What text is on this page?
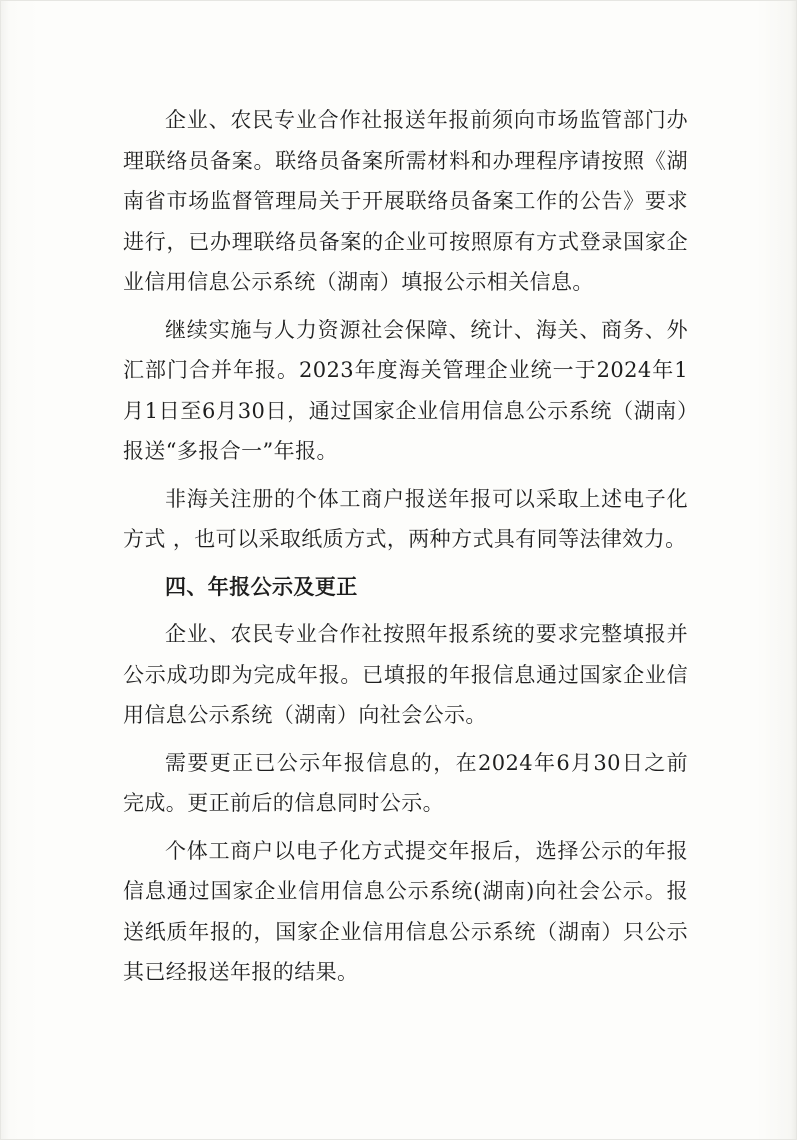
企业、农民专业合作社报送年报前须向市场监管部门办理联络员备案。联络员备案所需材料和办理程序请按照《湖南省市场监督管理局关于开展联络员备案工作的公告》要求进行，已办理联络员备案的企业可按照原有方式登录国家企业信用信息公示系统（湖南）填报公示相关信息。

继续实施与人力资源社会保障、统计、海关、商务、外汇部门合并年报。2023年度海关管理企业统一于2024年1月1日至6月30日，通过国家企业信用信息公示系统（湖南）报送“多报合一”年报。

非海关注册的个体工商户报送年报可以采取上述电子化方式 ，也可以采取纸质方式，两种方式具有同等法律效力。

四、年报公示及更正

企业、农民专业合作社按照年报系统的要求完整填报并公示成功即为完成年报。已填报的年报信息通过国家企业信用信息公示系统（湖南）向社会公示。

需要更正已公示年报信息的，在2024年6月30日之前完成。更正前后的信息同时公示。

个体工商户以电子化方式提交年报后，选择公示的年报信息通过国家企业信用信息公示系统(湖南)向社会公示。报送纸质年报的，国家企业信用信息公示系统（湖南）只公示其已经报送年报的结果。
